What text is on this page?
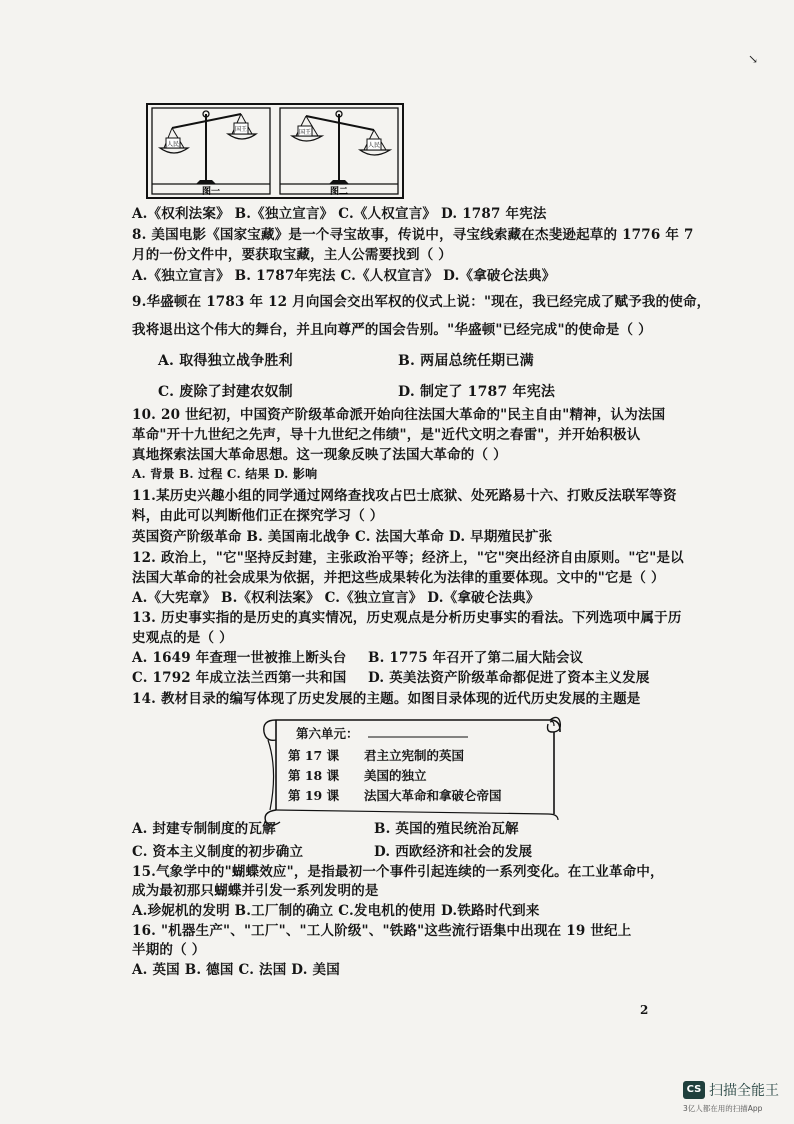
↘
人民
国王	国王
人民
图一	图二
A.《权利法案》 B.《独立宣言》 C.《人权宣言》 D. 1787 年宪法
8. 美国电影《国家宝藏》是一个寻宝故事，传说中，寻宝线索藏在杰斐逊起草的 1776 年 7
月的一份文件中，要获取宝藏，主人公需要找到（ ）
A.《独立宣言》 B. 1787年宪法 C.《人权宣言》 D.《拿破仑法典》
9.华盛顿在 1783 年 12 月向国会交出军权的仪式上说："现在，我已经完成了赋予我的使命，
我将退出这个伟大的舞台，并且向尊严的国会告别。"华盛顿"已经完成"的使命是（ ）
A. 取得独立战争胜利	B. 两届总统任期已满
C. 废除了封建农奴制	D. 制定了 1787 年宪法
10. 20 世纪初，中国资产阶级革命派开始向往法国大革命的"民主自由"精神，认为法国
革命"开十九世纪之先声，导十九世纪之伟绩"，是"近代文明之春雷"，并开始积极认
真地探索法国大革命思想。这一现象反映了法国大革命的（ ）
A. 背景 B. 过程 C. 结果 D. 影响
11.某历史兴趣小组的同学通过网络查找攻占巴士底狱、处死路易十六、打败反法联军等资
料，由此可以判断他们正在探究学习（ ）
英国资产阶级革命 B. 美国南北战争 C. 法国大革命 D. 早期殖民扩张
12. 政治上，"它"坚持反封建，主张政治平等；经济上，"它"突出经济自由原则。"它"是以
法国大革命的社会成果为依据，并把这些成果转化为法律的重要体现。文中的"它是（ ）
A.《大宪章》 B.《权利法案》 C.《独立宣言》 D.《拿破仑法典》
13. 历史事实指的是历史的真实情况，历史观点是分析历史事实的看法。下列选项中属于历
史观点的是（ ）
A. 1649 年查理一世被推上断头台 B. 1775 年召开了第二届大陆会议
C. 1792 年成立法兰西第一共和国 D. 英美法资产阶级革命都促进了资本主义发展
14. 教材目录的编写体现了历史发展的主题。如图目录体现的近代历史发展的主题是
第六单元：
第 17 课 君主立宪制的英国
第 18 课 美国的独立
第 19 课 法国大革命和拿破仑帝国
A. 封建专制制度的瓦解	B. 英国的殖民统治瓦解
C. 资本主义制度的初步确立	D. 西欧经济和社会的发展
15.气象学中的"蝴蝶效应"，是指最初一个事件引起连续的一系列变化。在工业革命中，
成为最初那只蝴蝶并引发一系列发明的是
A.珍妮机的发明 B.工厂制的确立 C.发电机的使用 D.铁路时代到来
16. "机器生产"、"工厂"、"工人阶级"、"铁路"这些流行语集中出现在 19 世纪上
半期的（ ）
A. 英国 B. 德国 C. 法国 D. 美国
2
CS 扫描全能王
3亿人都在用的扫描App
